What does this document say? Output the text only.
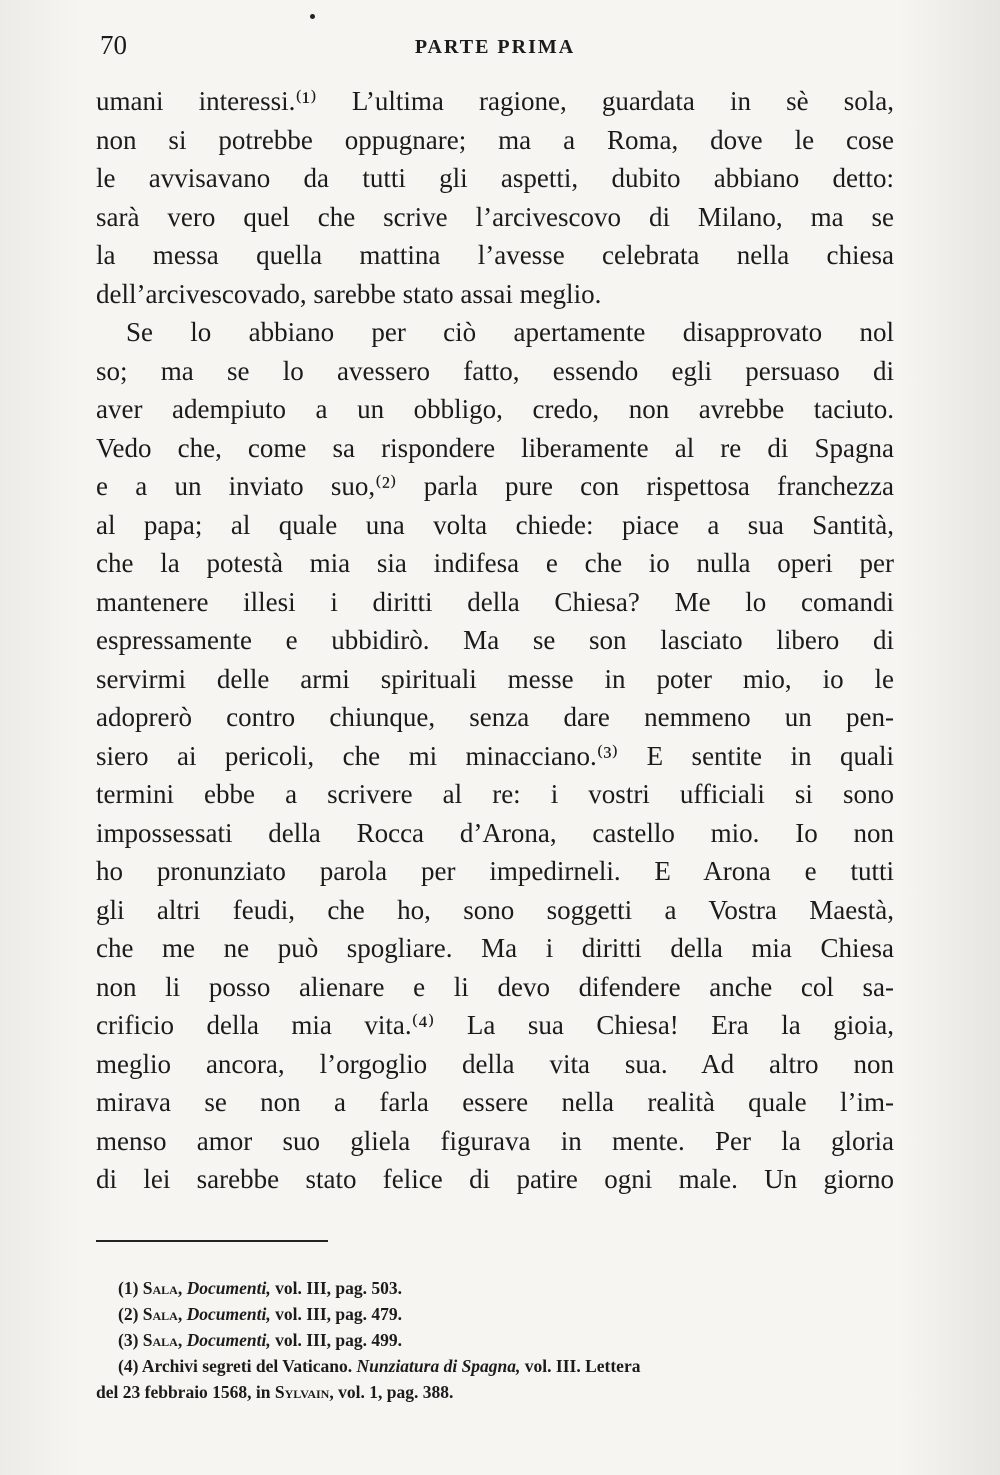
70	PARTE PRIMA
umani interessi.⁽¹⁾ L’ultima ragione, guardata in sè sola,
non si potrebbe oppugnare; ma a Roma, dove le cose
le avvisavano da tutti gli aspetti, dubito abbiano detto:
sarà vero quel che scrive l’arcivescovo di Milano, ma se
la messa quella mattina l’avesse celebrata nella chiesa
dell’arcivescovado, sarebbe stato assai meglio.
Se lo abbiano per ciò apertamente disapprovato nol
so; ma se lo avessero fatto, essendo egli persuaso di
aver adempiuto a un obbligo, credo, non avrebbe taciuto.
Vedo che, come sa rispondere liberamente al re di Spagna
e a un inviato suo,⁽²⁾ parla pure con rispettosa franchezza
al papa; al quale una volta chiede: piace a sua Santità,
che la potestà mia sia indifesa e che io nulla operi per
mantenere illesi i diritti della Chiesa? Me lo comandi
espressamente e ubbidirò. Ma se son lasciato libero di
servirmi delle armi spirituali messe in poter mio, io le
adoprerò contro chiunque, senza dare nemmeno un pen-
siero ai pericoli, che mi minacciano.⁽³⁾ E sentite in quali
termini ebbe a scrivere al re: i vostri ufficiali si sono
impossessati della Rocca d’Arona, castello mio. Io non
ho pronunziato parola per impedirneli. E Arona e tutti
gli altri feudi, che ho, sono soggetti a Vostra Maestà,
che me ne può spogliare. Ma i diritti della mia Chiesa
non li posso alienare e li devo difendere anche col sa-
crificio della mia vita.⁽⁴⁾ La sua Chiesa! Era la gioia,
meglio ancora, l’orgoglio della vita sua. Ad altro non
mirava se non a farla essere nella realità quale l’im-
menso amor suo gliela figurava in mente. Per la gloria
di lei sarebbe stato felice di patire ogni male. Un giorno
(1) Sala, Documenti, vol. III, pag. 503.
(2) Sala, Documenti, vol. III, pag. 479.
(3) Sala, Documenti, vol. III, pag. 499.
(4) Archivi segreti del Vaticano. Nunziatura di Spagna, vol. III. Lettera
del 23 febbraio 1568, in Sylvain, vol. 1, pag. 388.
